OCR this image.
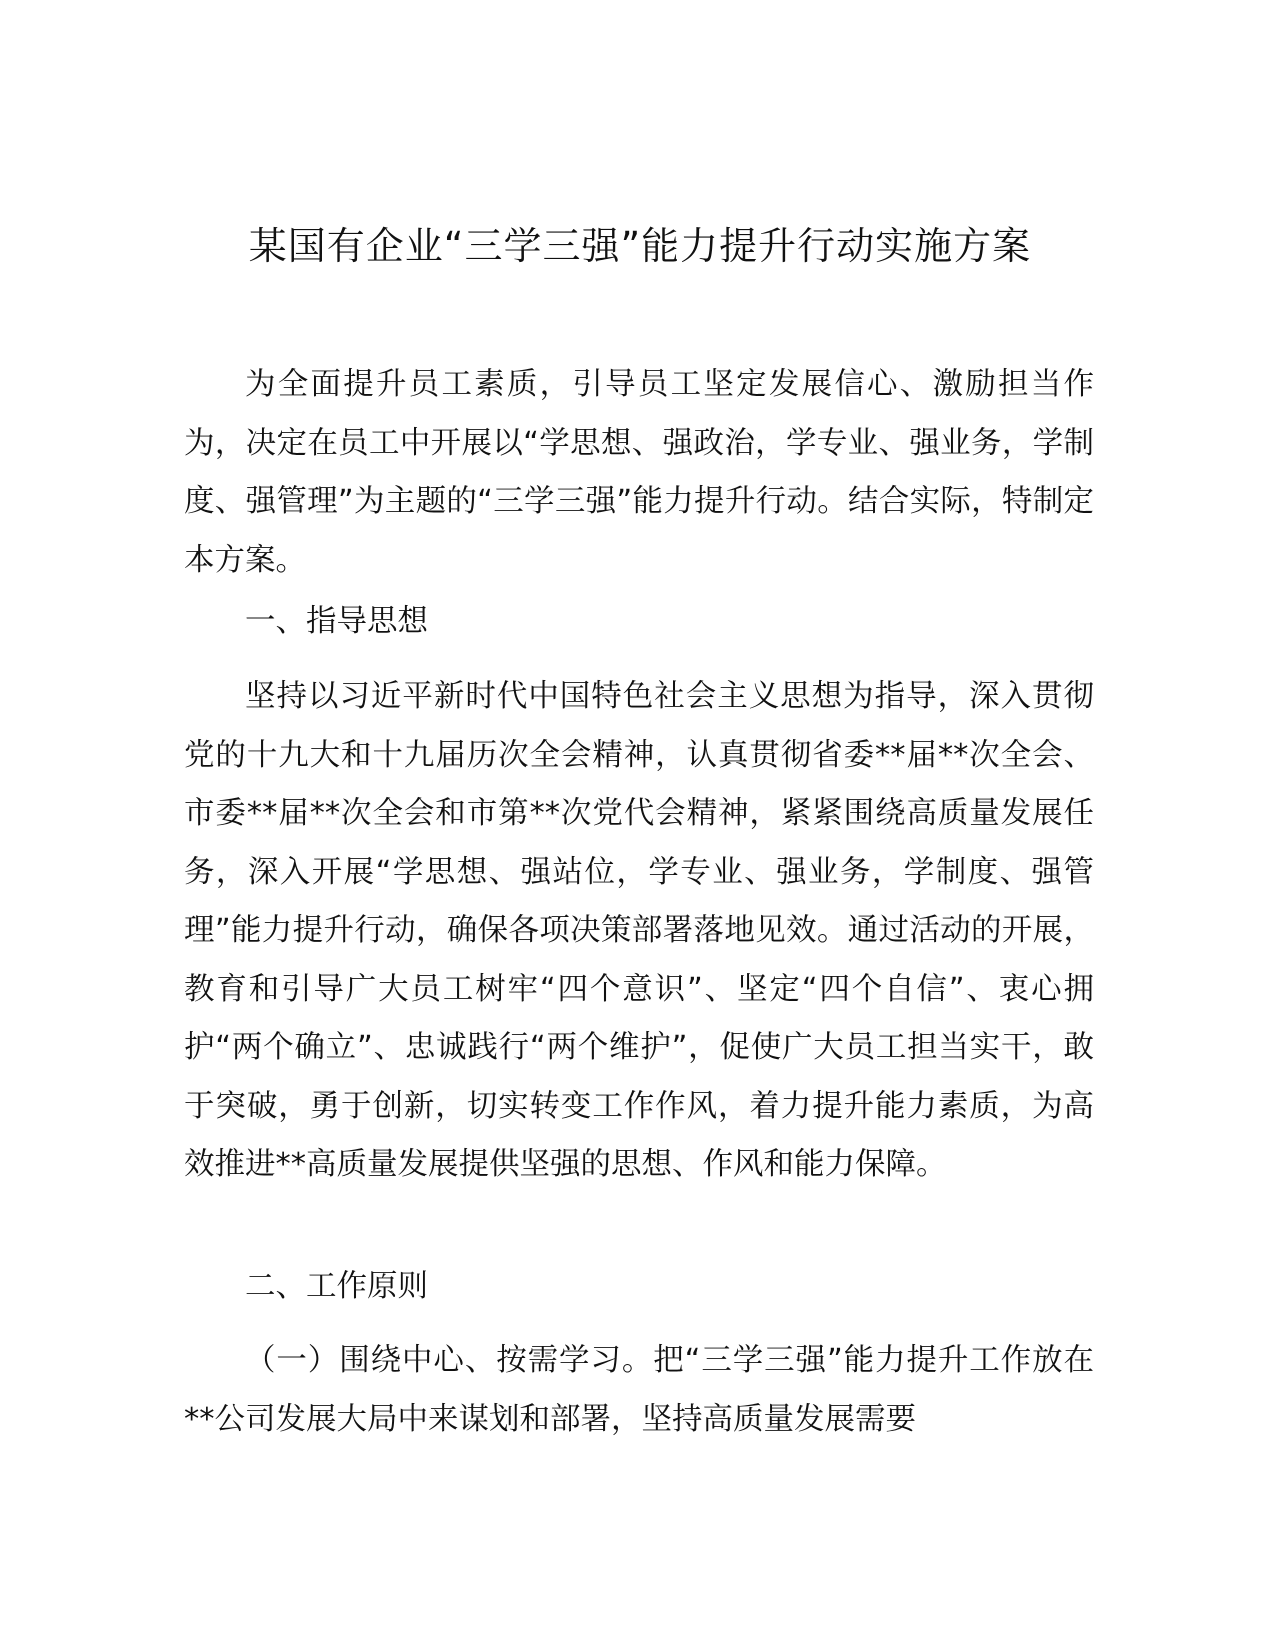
某国有企业“三学三强”能力提升行动实施方案

为全面提升员工素质，引导员工坚定发展信心、激励担当作为，决定在员工中开展以“学思想、强政治，学专业、强业务，学制度、强管理”为主题的“三学三强”能力提升行动。结合实际，特制定本方案。

一、指导思想

坚持以习近平新时代中国特色社会主义思想为指导，深入贯彻党的十九大和十九届历次全会精神，认真贯彻省委**届**次全会、市委**届**次全会和市第**次党代会精神，紧紧围绕高质量发展任务，深入开展“学思想、强站位，学专业、强业务，学制度、强管理”能力提升行动，确保各项决策部署落地见效。通过活动的开展，教育和引导广大员工树牢“四个意识”、坚定“四个自信”、衷心拥护“两个确立”、忠诚践行“两个维护”，促使广大员工担当实干，敢于突破，勇于创新，切实转变工作作风，着力提升能力素质，为高效推进**高质量发展提供坚强的思想、作风和能力保障。

二、工作原则

（一）围绕中心、按需学习。把“三学三强”能力提升工作放在**公司发展大局中来谋划和部署，坚持高质量发展需要
